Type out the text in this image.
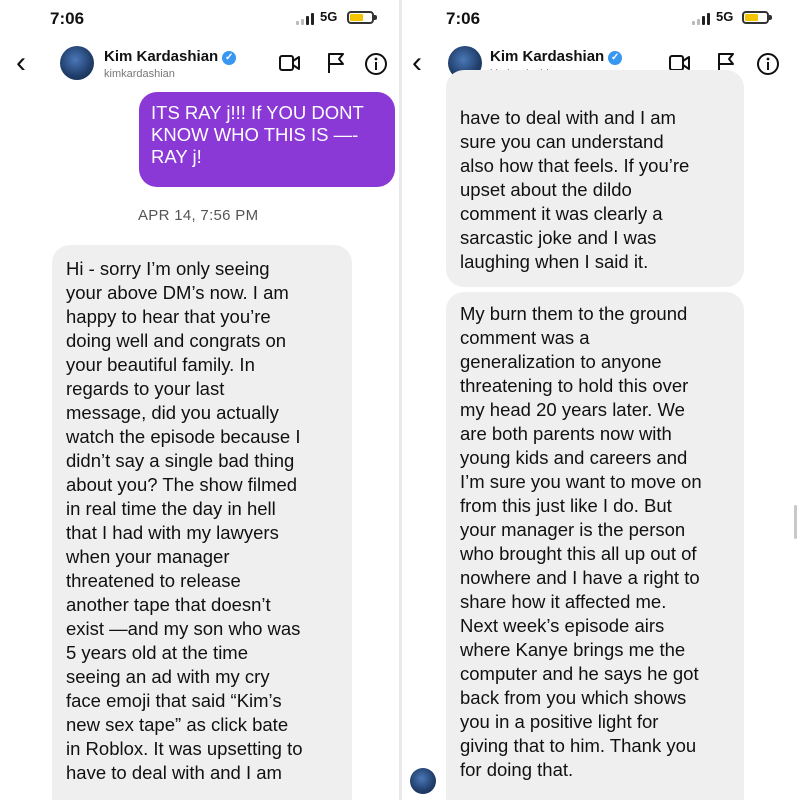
7:06	5G
‹	Kim Kardashian ✓
kimkardashian

ITS RAY j!!! If YOU DONT

KNOW WHO THIS IS —-

RAY j!

APR 14, 7:56 PM

Hi - sorry I’m only seeing

your above DM’s now. I am

happy to hear that you’re

doing well and congrats on

your beautiful family. In

regards to your last

message, did you actually

watch the episode because I

didn’t say a single bad thing

about you? The show filmed

in real time the day in hell

that I had with my lawyers

when your manager

threatened to release

another tape that doesn’t

exist —and my son who was

5 years old at the time

seeing an ad with my cry

face emoji that said “Kim’s

new sex tape” as click bate

in Roblox. It was upsetting to

have to deal with and I am

7:06	5G
‹	Kim Kardashian ✓

have to deal with and I am

sure you can understand

also how that feels. If you’re

upset about the dildo

comment it was clearly a

sarcastic joke and I was

laughing when I said it.

My burn them to the ground

comment was a

generalization to anyone

threatening to hold this over

my head 20 years later. We

are both parents now with

young kids and careers and

I’m sure you want to move on

from this just like I do. But

your manager is the person

who brought this all up out of

nowhere and I have a right to

share how it affected me.

Next week’s episode airs

where Kanye brings me the

computer and he says he got

back from you which shows

you in a positive light for

giving that to him. Thank you

for doing that.
